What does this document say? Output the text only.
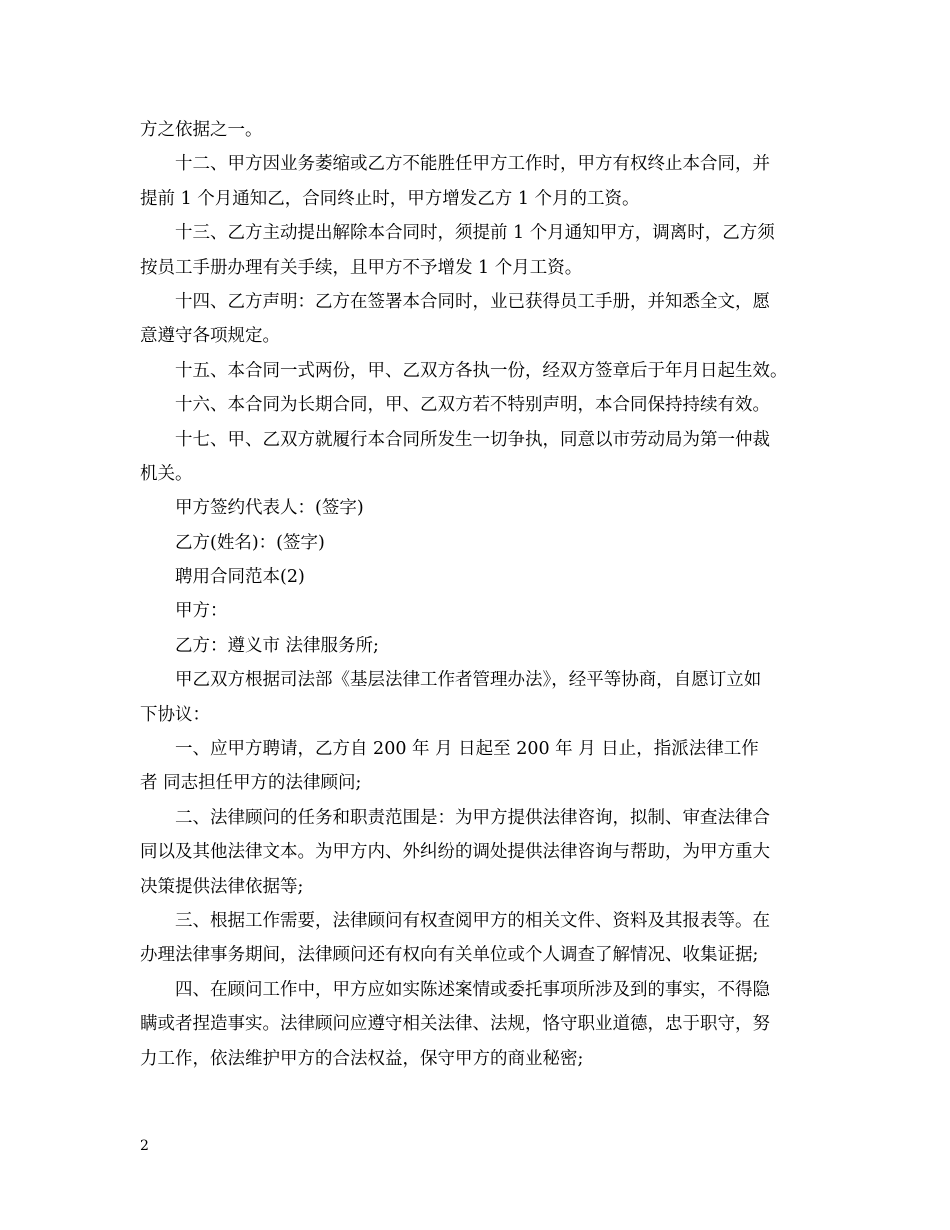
方之依据之一。
十二、甲方因业务萎缩或乙方不能胜任甲方工作时，甲方有权终止本合同，并
提前 1 个月通知乙，合同终止时，甲方增发乙方 1 个月的工资。
十三、乙方主动提出解除本合同时，须提前 1 个月通知甲方，调离时，乙方须
按员工手册办理有关手续，且甲方不予增发 1 个月工资。
十四、乙方声明：乙方在签署本合同时，业已获得员工手册，并知悉全文，愿
意遵守各项规定。
十五、本合同一式两份，甲、乙双方各执一份，经双方签章后于年月日起生效。
十六、本合同为长期合同，甲、乙双方若不特别声明，本合同保持持续有效。
十七、甲、乙双方就履行本合同所发生一切争执，同意以市劳动局为第一仲裁
机关。
甲方签约代表人：(签字)
乙方(姓名)：(签字)
聘用合同范本(2)
甲方：
乙方：遵义市 法律服务所;
甲乙双方根据司法部《基层法律工作者管理办法》，经平等协商，自愿订立如
下协议：
一、应甲方聘请，乙方自 200 年 月 日起至 200 年 月 日止，指派法律工作
者 同志担任甲方的法律顾问;
二、法律顾问的任务和职责范围是：为甲方提供法律咨询，拟制、审查法律合
同以及其他法律文本。为甲方内、外纠纷的调处提供法律咨询与帮助，为甲方重大
决策提供法律依据等;
三、根据工作需要，法律顾问有权查阅甲方的相关文件、资料及其报表等。在
办理法律事务期间，法律顾问还有权向有关单位或个人调查了解情况、收集证据;
四、在顾问工作中，甲方应如实陈述案情或委托事项所涉及到的事实，不得隐
瞒或者捏造事实。法律顾问应遵守相关法律、法规，恪守职业道德，忠于职守，努
力工作，依法维护甲方的合法权益，保守甲方的商业秘密;
2
